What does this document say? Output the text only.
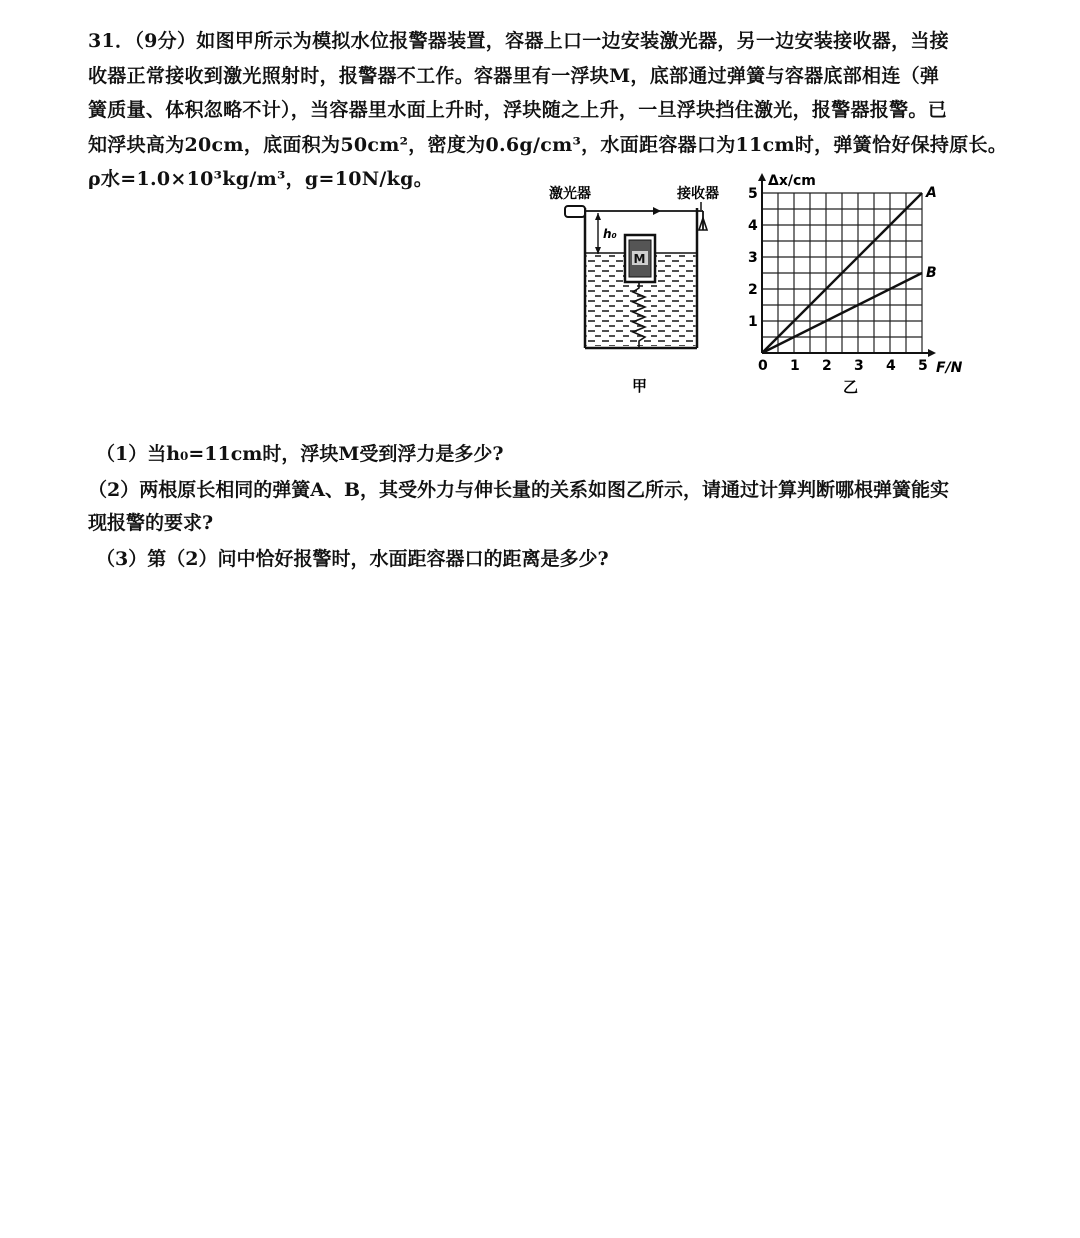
31．（9分）如图甲所示为模拟水位报警器装置，容器上口一边安装激光器，另一边安装接收器，当接
收器正常接收到激光照射时，报警器不工作。容器里有一浮块M，底部通过弹簧与容器底部相连（弹
簧质量、体积忽略不计），当容器里水面上升时，浮块随之上升，一旦浮块挡住激光，报警器报警。已
知浮块高为20cm，底面积为50cm²，密度为0.6g/cm³，水面距容器口为11cm时，弹簧恰好保持原长。
ρ水=1.0×10³kg/m³，g=10N/kg。
激光器	接收器
h₀
M
甲
0 1 2 3 4 5
1
2
3
4
5
F/N
Δx/cm
A
B
乙
（1）当h₀=11cm时，浮块M受到浮力是多少?
（2）两根原长相同的弹簧A、B，其受外力与伸长量的关系如图乙所示，请通过计算判断哪根弹簧能实
现报警的要求?
（3）第（2）问中恰好报警时，水面距容器口的距离是多少?
